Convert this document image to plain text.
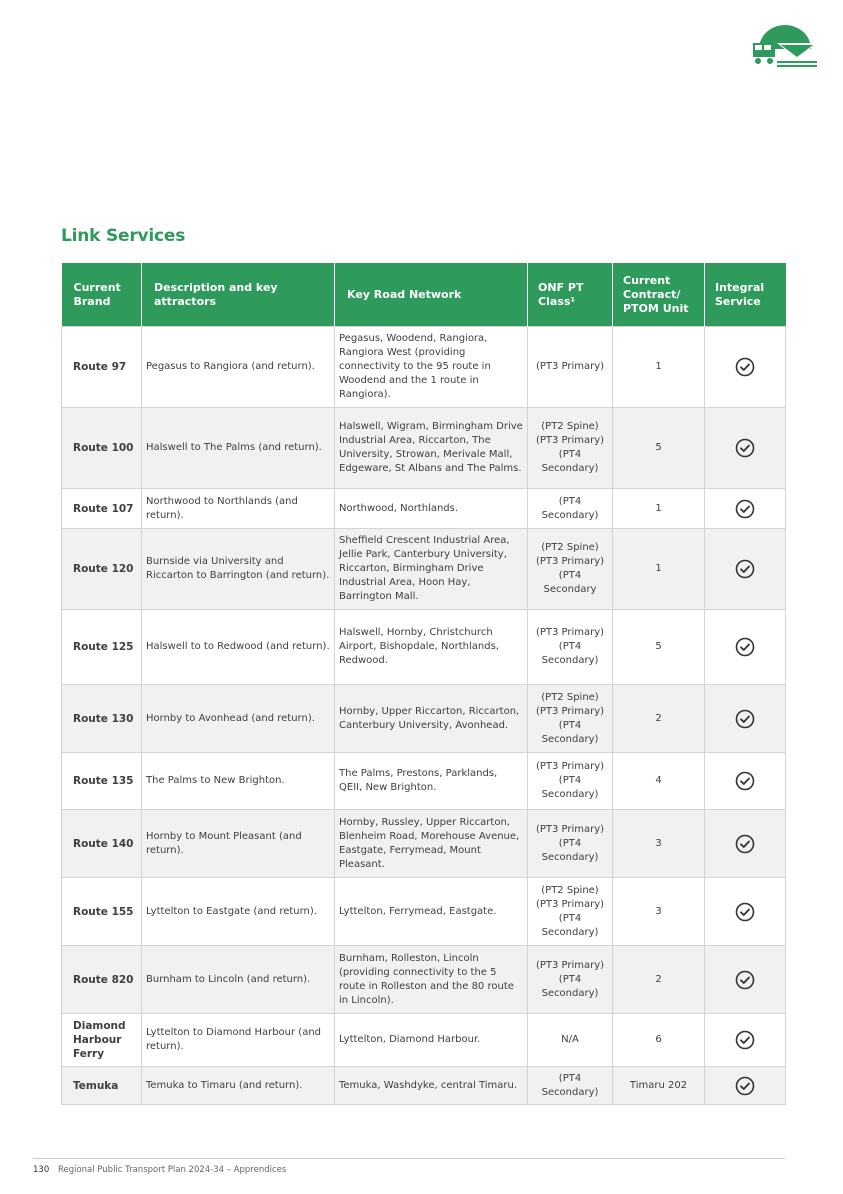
Link Services
Current Brand	Description and key attractors	Key Road Network	ONF PT Class¹	Current Contract/ PTOM Unit	Integral Service
Route 97	Pegasus to Rangiora (and return).	Pegasus, Woodend, Rangiora, Rangiora West (providing connectivity to the 95 route in Woodend and the 1 route in Rangiora).	(PT3 Primary)	1	
Route 100	Halswell to The Palms (and return).	Halswell, Wigram, Birmingham Drive Industrial Area, Riccarton, The University, Strowan, Merivale Mall, Edgeware, St Albans and The Palms.	(PT2 Spine) (PT3 Primary) (PT4 Secondary)	5	
Route 107	Northwood to Northlands (and return).	Northwood, Northlands.	(PT4 Secondary)	1	
Route 120	Burnside via University and Riccarton to Barrington (and return).	Sheffield Crescent Industrial Area, Jellie Park, Canterbury University, Riccarton, Birmingham Drive Industrial Area, Hoon Hay, Barrington Mall.	(PT2 Spine) (PT3 Primary) (PT4 Secondary	1	
Route 125	Halswell to to Redwood (and return).	Halswell, Hornby, Christchurch Airport, Bishopdale, Northlands, Redwood.	(PT3 Primary) (PT4 Secondary)	5	
Route 130	Hornby to Avonhead (and return).	Hornby, Upper Riccarton, Riccarton, Canterbury University, Avonhead.	(PT2 Spine) (PT3 Primary) (PT4 Secondary)	2	
Route 135	The Palms to New Brighton.	The Palms, Prestons, Parklands, QEII, New Brighton.	(PT3 Primary) (PT4 Secondary)	4	
Route 140	Hornby to Mount Pleasant (and return).	Hornby, Russley, Upper Riccarton, Blenheim Road, Morehouse Avenue, Eastgate, Ferrymead, Mount Pleasant.	(PT3 Primary) (PT4 Secondary)	3	
Route 155	Lyttelton to Eastgate (and return).	Lyttelton, Ferrymead, Eastgate.	(PT2 Spine) (PT3 Primary) (PT4 Secondary)	3	
Route 820	Burnham to Lincoln (and return).	Burnham, Rolleston, Lincoln (providing connectivity to the 5 route in Rolleston and the 80 route in Lincoln).	(PT3 Primary) (PT4 Secondary)	2	
Diamond Harbour Ferry	Lyttelton to Diamond Harbour (and return).	Lyttelton, Diamond Harbour.	N/A	6	
Temuka	Temuka to Timaru (and return).	Temuka, Washdyke, central Timaru.	(PT4 Secondary)	Timaru 202	
130 Regional Public Transport Plan 2024-34 – Apprendices
